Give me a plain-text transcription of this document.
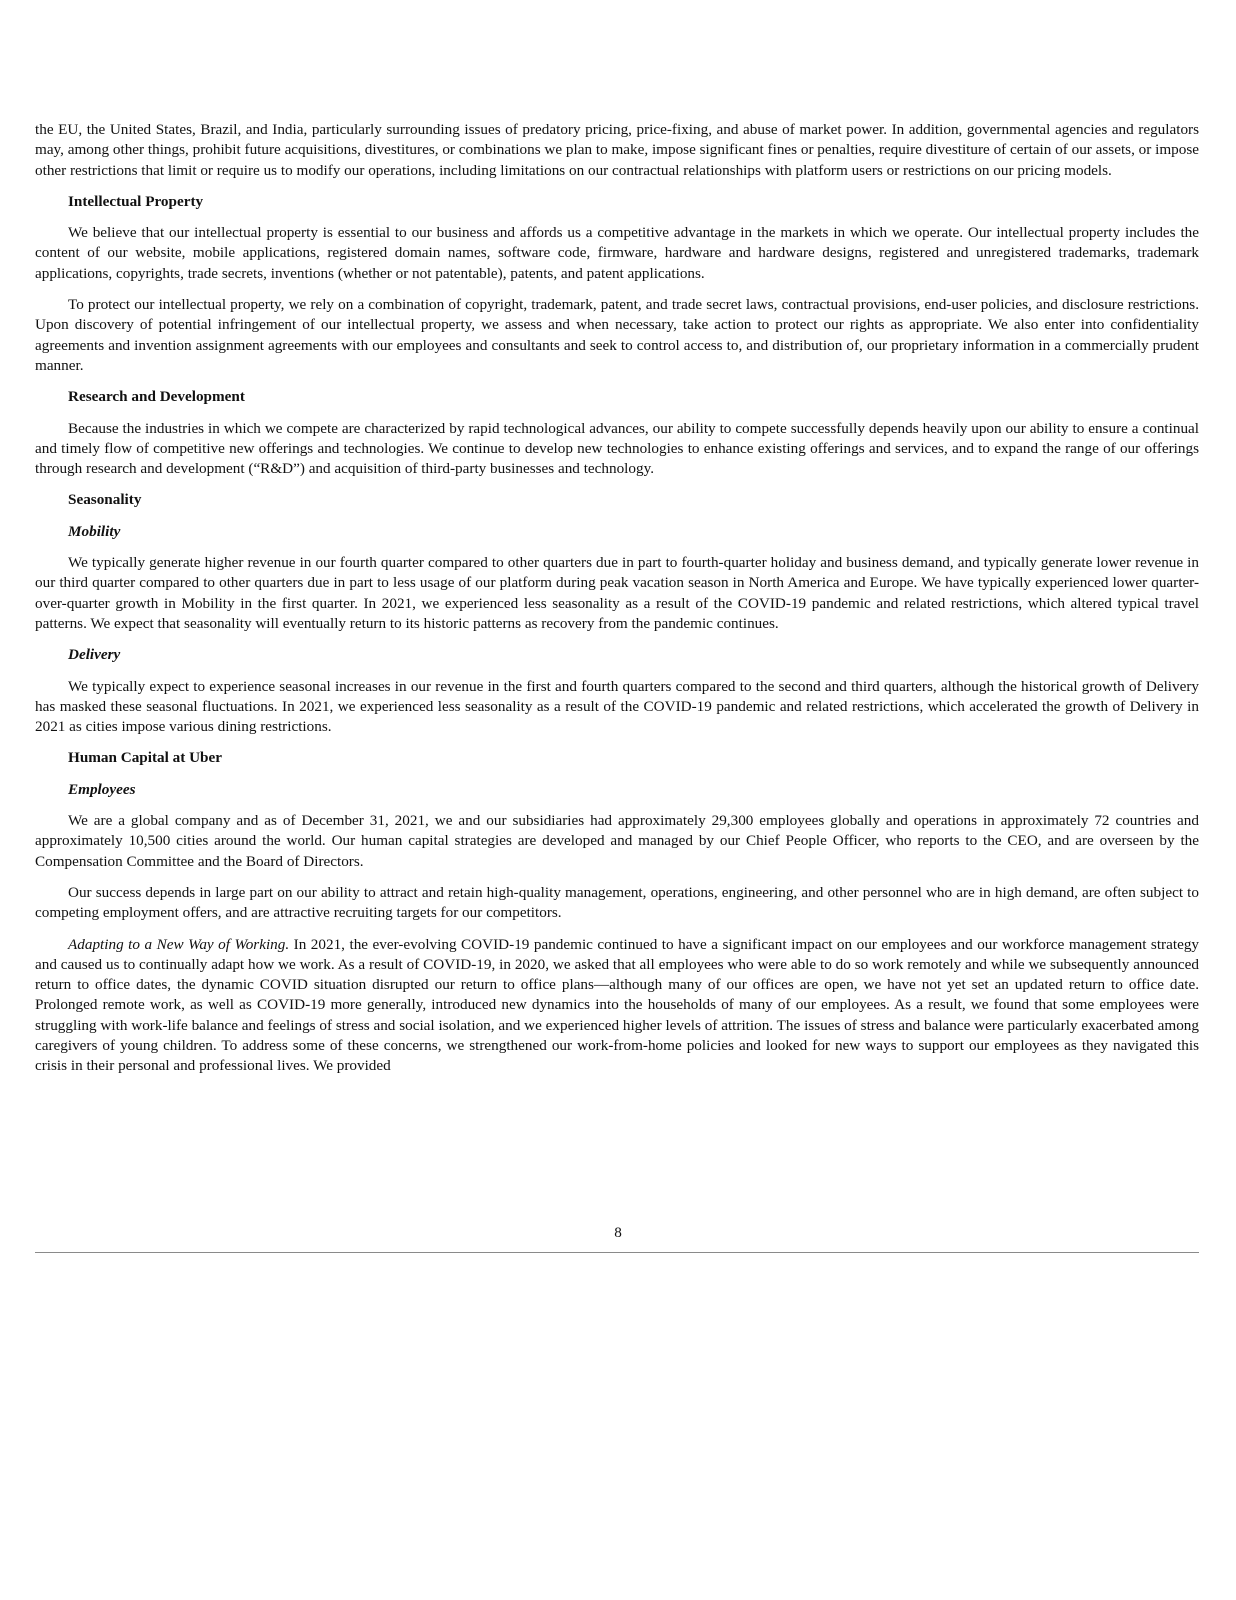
the EU, the United States, Brazil, and India, particularly surrounding issues of predatory pricing, price-fixing, and abuse of market power. In addition, governmental agencies and regulators may, among other things, prohibit future acquisitions, divestitures, or combinations we plan to make, impose significant fines or penalties, require divestiture of certain of our assets, or impose other restrictions that limit or require us to modify our operations, including limitations on our contractual relationships with platform users or restrictions on our pricing models.

Intellectual Property

We believe that our intellectual property is essential to our business and affords us a competitive advantage in the markets in which we operate. Our intellectual property includes the content of our website, mobile applications, registered domain names, software code, firmware, hardware and hardware designs, registered and unregistered trademarks, trademark applications, copyrights, trade secrets, inventions (whether or not patentable), patents, and patent applications.

To protect our intellectual property, we rely on a combination of copyright, trademark, patent, and trade secret laws, contractual provisions, end-user policies, and disclosure restrictions. Upon discovery of potential infringement of our intellectual property, we assess and when necessary, take action to protect our rights as appropriate. We also enter into confidentiality agreements and invention assignment agreements with our employees and consultants and seek to control access to, and distribution of, our proprietary information in a commercially prudent manner.

Research and Development

Because the industries in which we compete are characterized by rapid technological advances, our ability to compete successfully depends heavily upon our ability to ensure a continual and timely flow of competitive new offerings and technologies. We continue to develop new technologies to enhance existing offerings and services, and to expand the range of our offerings through research and development (“R&D”) and acquisition of third-party businesses and technology.

Seasonality
Mobility

We typically generate higher revenue in our fourth quarter compared to other quarters due in part to fourth-quarter holiday and business demand, and typically generate lower revenue in our third quarter compared to other quarters due in part to less usage of our platform during peak vacation season in North America and Europe. We have typically experienced lower quarter-over-quarter growth in Mobility in the first quarter. In 2021, we experienced less seasonality as a result of the COVID-19 pandemic and related restrictions, which altered typical travel patterns. We expect that seasonality will eventually return to its historic patterns as recovery from the pandemic continues.

Delivery

We typically expect to experience seasonal increases in our revenue in the first and fourth quarters compared to the second and third quarters, although the historical growth of Delivery has masked these seasonal fluctuations. In 2021, we experienced less seasonality as a result of the COVID-19 pandemic and related restrictions, which accelerated the growth of Delivery in 2021 as cities impose various dining restrictions.

Human Capital at Uber
Employees

We are a global company and as of December 31, 2021, we and our subsidiaries had approximately 29,300 employees globally and operations in approximately 72 countries and approximately 10,500 cities around the world. Our human capital strategies are developed and managed by our Chief People Officer, who reports to the CEO, and are overseen by the Compensation Committee and the Board of Directors.

Our success depends in large part on our ability to attract and retain high-quality management, operations, engineering, and other personnel who are in high demand, are often subject to competing employment offers, and are attractive recruiting targets for our competitors.

Adapting to a New Way of Working. In 2021, the ever-evolving COVID-19 pandemic continued to have a significant impact on our employees and our workforce management strategy and caused us to continually adapt how we work. As a result of COVID-19, in 2020, we asked that all employees who were able to do so work remotely and while we subsequently announced return to office dates, the dynamic COVID situation disrupted our return to office plans—although many of our offices are open, we have not yet set an updated return to office date. Prolonged remote work, as well as COVID-19 more generally, introduced new dynamics into the households of many of our employees. As a result, we found that some employees were struggling with work-life balance and feelings of stress and social isolation, and we experienced higher levels of attrition. The issues of stress and balance were particularly exacerbated among caregivers of young children. To address some of these concerns, we strengthened our work-from-home policies and looked for new ways to support our employees as they navigated this crisis in their personal and professional lives. We provided

8
